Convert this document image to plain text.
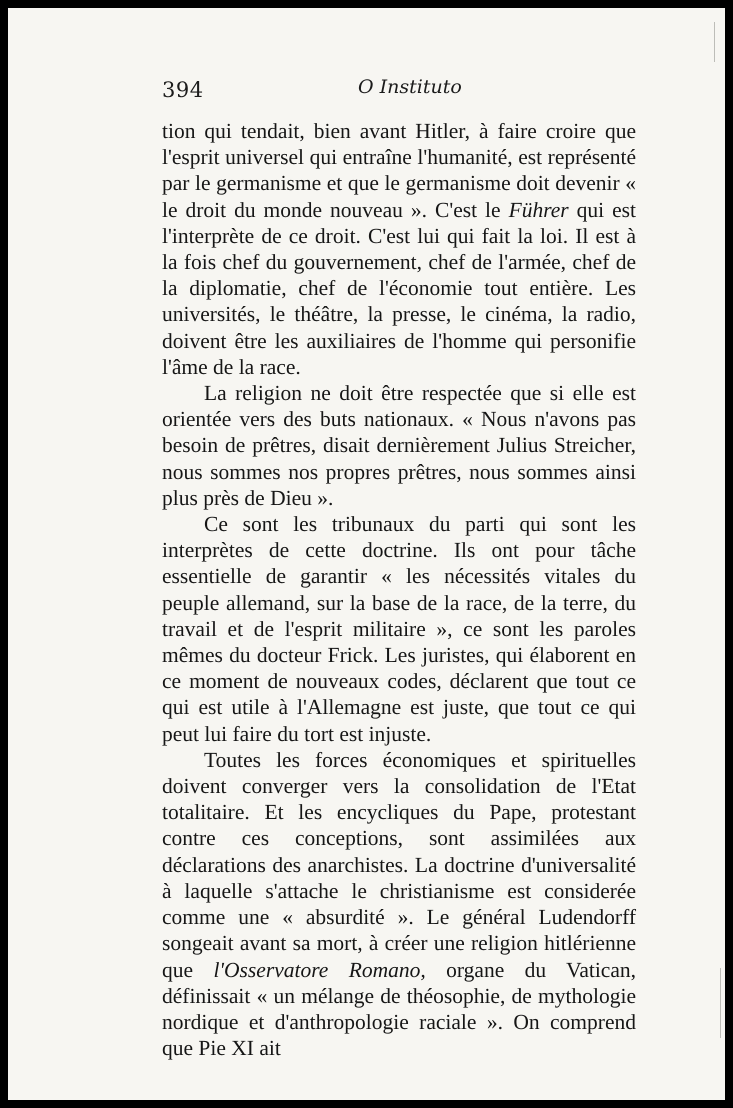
394	O Instituto

tion qui tendait, bien avant Hitler, à faire croire que l'esprit universel qui entraîne l'humanité, est représenté par le germanisme et que le germanisme doit devenir « le droit du monde nouveau ». C'est le Führer qui est l'interprète de ce droit. C'est lui qui fait la loi. Il est à la fois chef du gouvernement, chef de l'armée, chef de la diplomatie, chef de l'économie tout entière. Les universités, le théâtre, la presse, le cinéma, la radio, doivent être les auxiliaires de l'homme qui personifie l'âme de la race.

La religion ne doit être respectée que si elle est orientée vers des buts nationaux. « Nous n'avons pas besoin de prêtres, disait dernièrement Julius Streicher, nous sommes nos propres prêtres, nous sommes ainsi plus près de Dieu ».

Ce sont les tribunaux du parti qui sont les interprètes de cette doctrine. Ils ont pour tâche essentielle de garantir « les nécessités vitales du peuple allemand, sur la base de la race, de la terre, du travail et de l'esprit militaire », ce sont les paroles mêmes du docteur Frick. Les juristes, qui élaborent en ce moment de nouveaux codes, déclarent que tout ce qui est utile à l'Allemagne est juste, que tout ce qui peut lui faire du tort est injuste.

Toutes les forces économiques et spirituelles doivent converger vers la consolidation de l'Etat totalitaire. Et les encycliques du Pape, protestant contre ces conceptions, sont assimilées aux déclarations des anarchistes. La doctrine d'universalité à laquelle s'attache le christianisme est considerée comme une « absurdité ». Le général Ludendorff songeait avant sa mort, à créer une religion hitlérienne que l'Osservatore Romano, organe du Vatican, définissait « un mélange de théosophie, de mythologie nordique et d'anthropologie raciale ». On comprend que Pie XI ait
